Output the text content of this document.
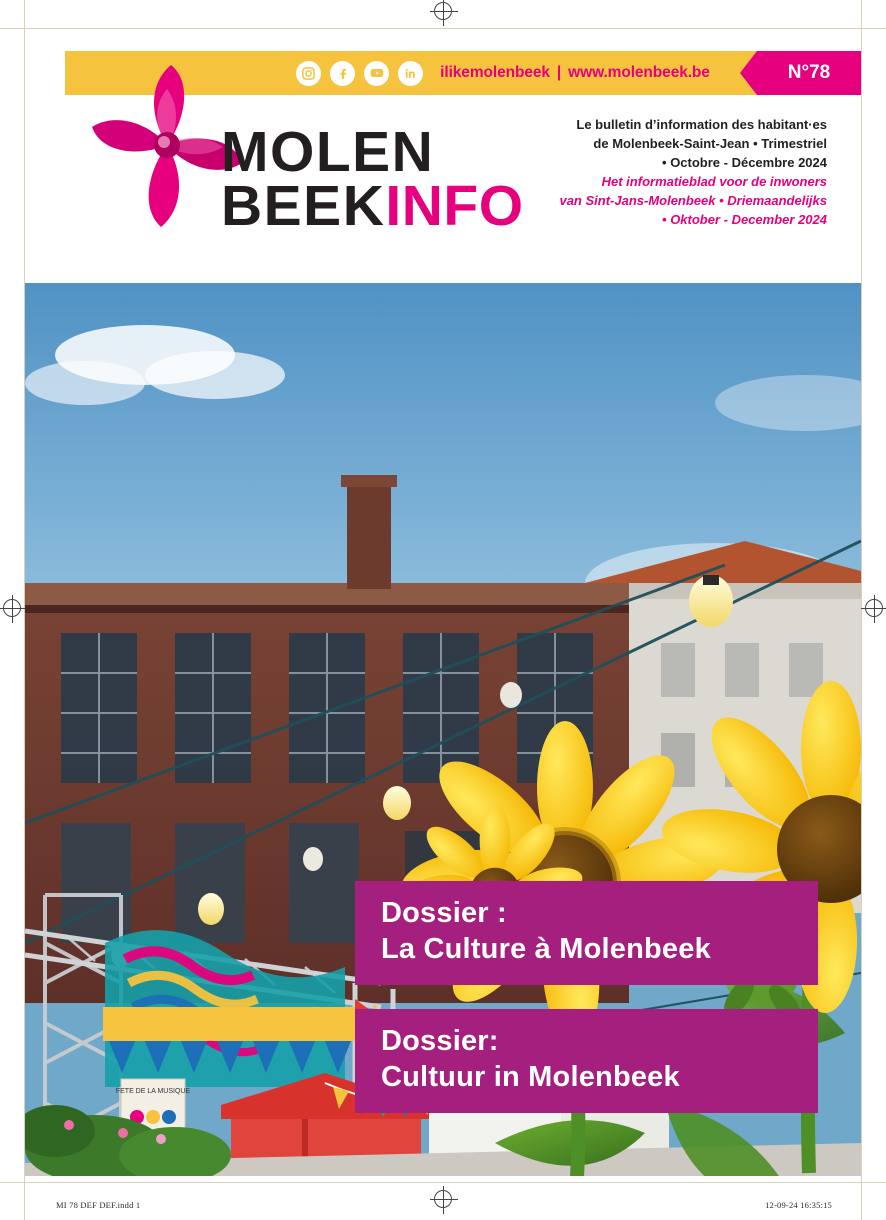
ilikemolenbeek | www.molenbeek.be	N°78
MOLEN
BEEKINFO
Le bulletin d’information des habitant·es
de Molenbeek-Saint-Jean • Trimestriel
• Octobre - Décembre 2024
Het informatieblad voor de inwoners
van Sint-Jans-Molenbeek • Driemaandelijks
• Oktober - December 2024
FETE DE LA MUSIQUE
Dossier :
La Culture à Molenbeek
Dossier:
Cultuur in Molenbeek
MI 78 DEF DEF.indd 1	12-09-24 16:35:15
